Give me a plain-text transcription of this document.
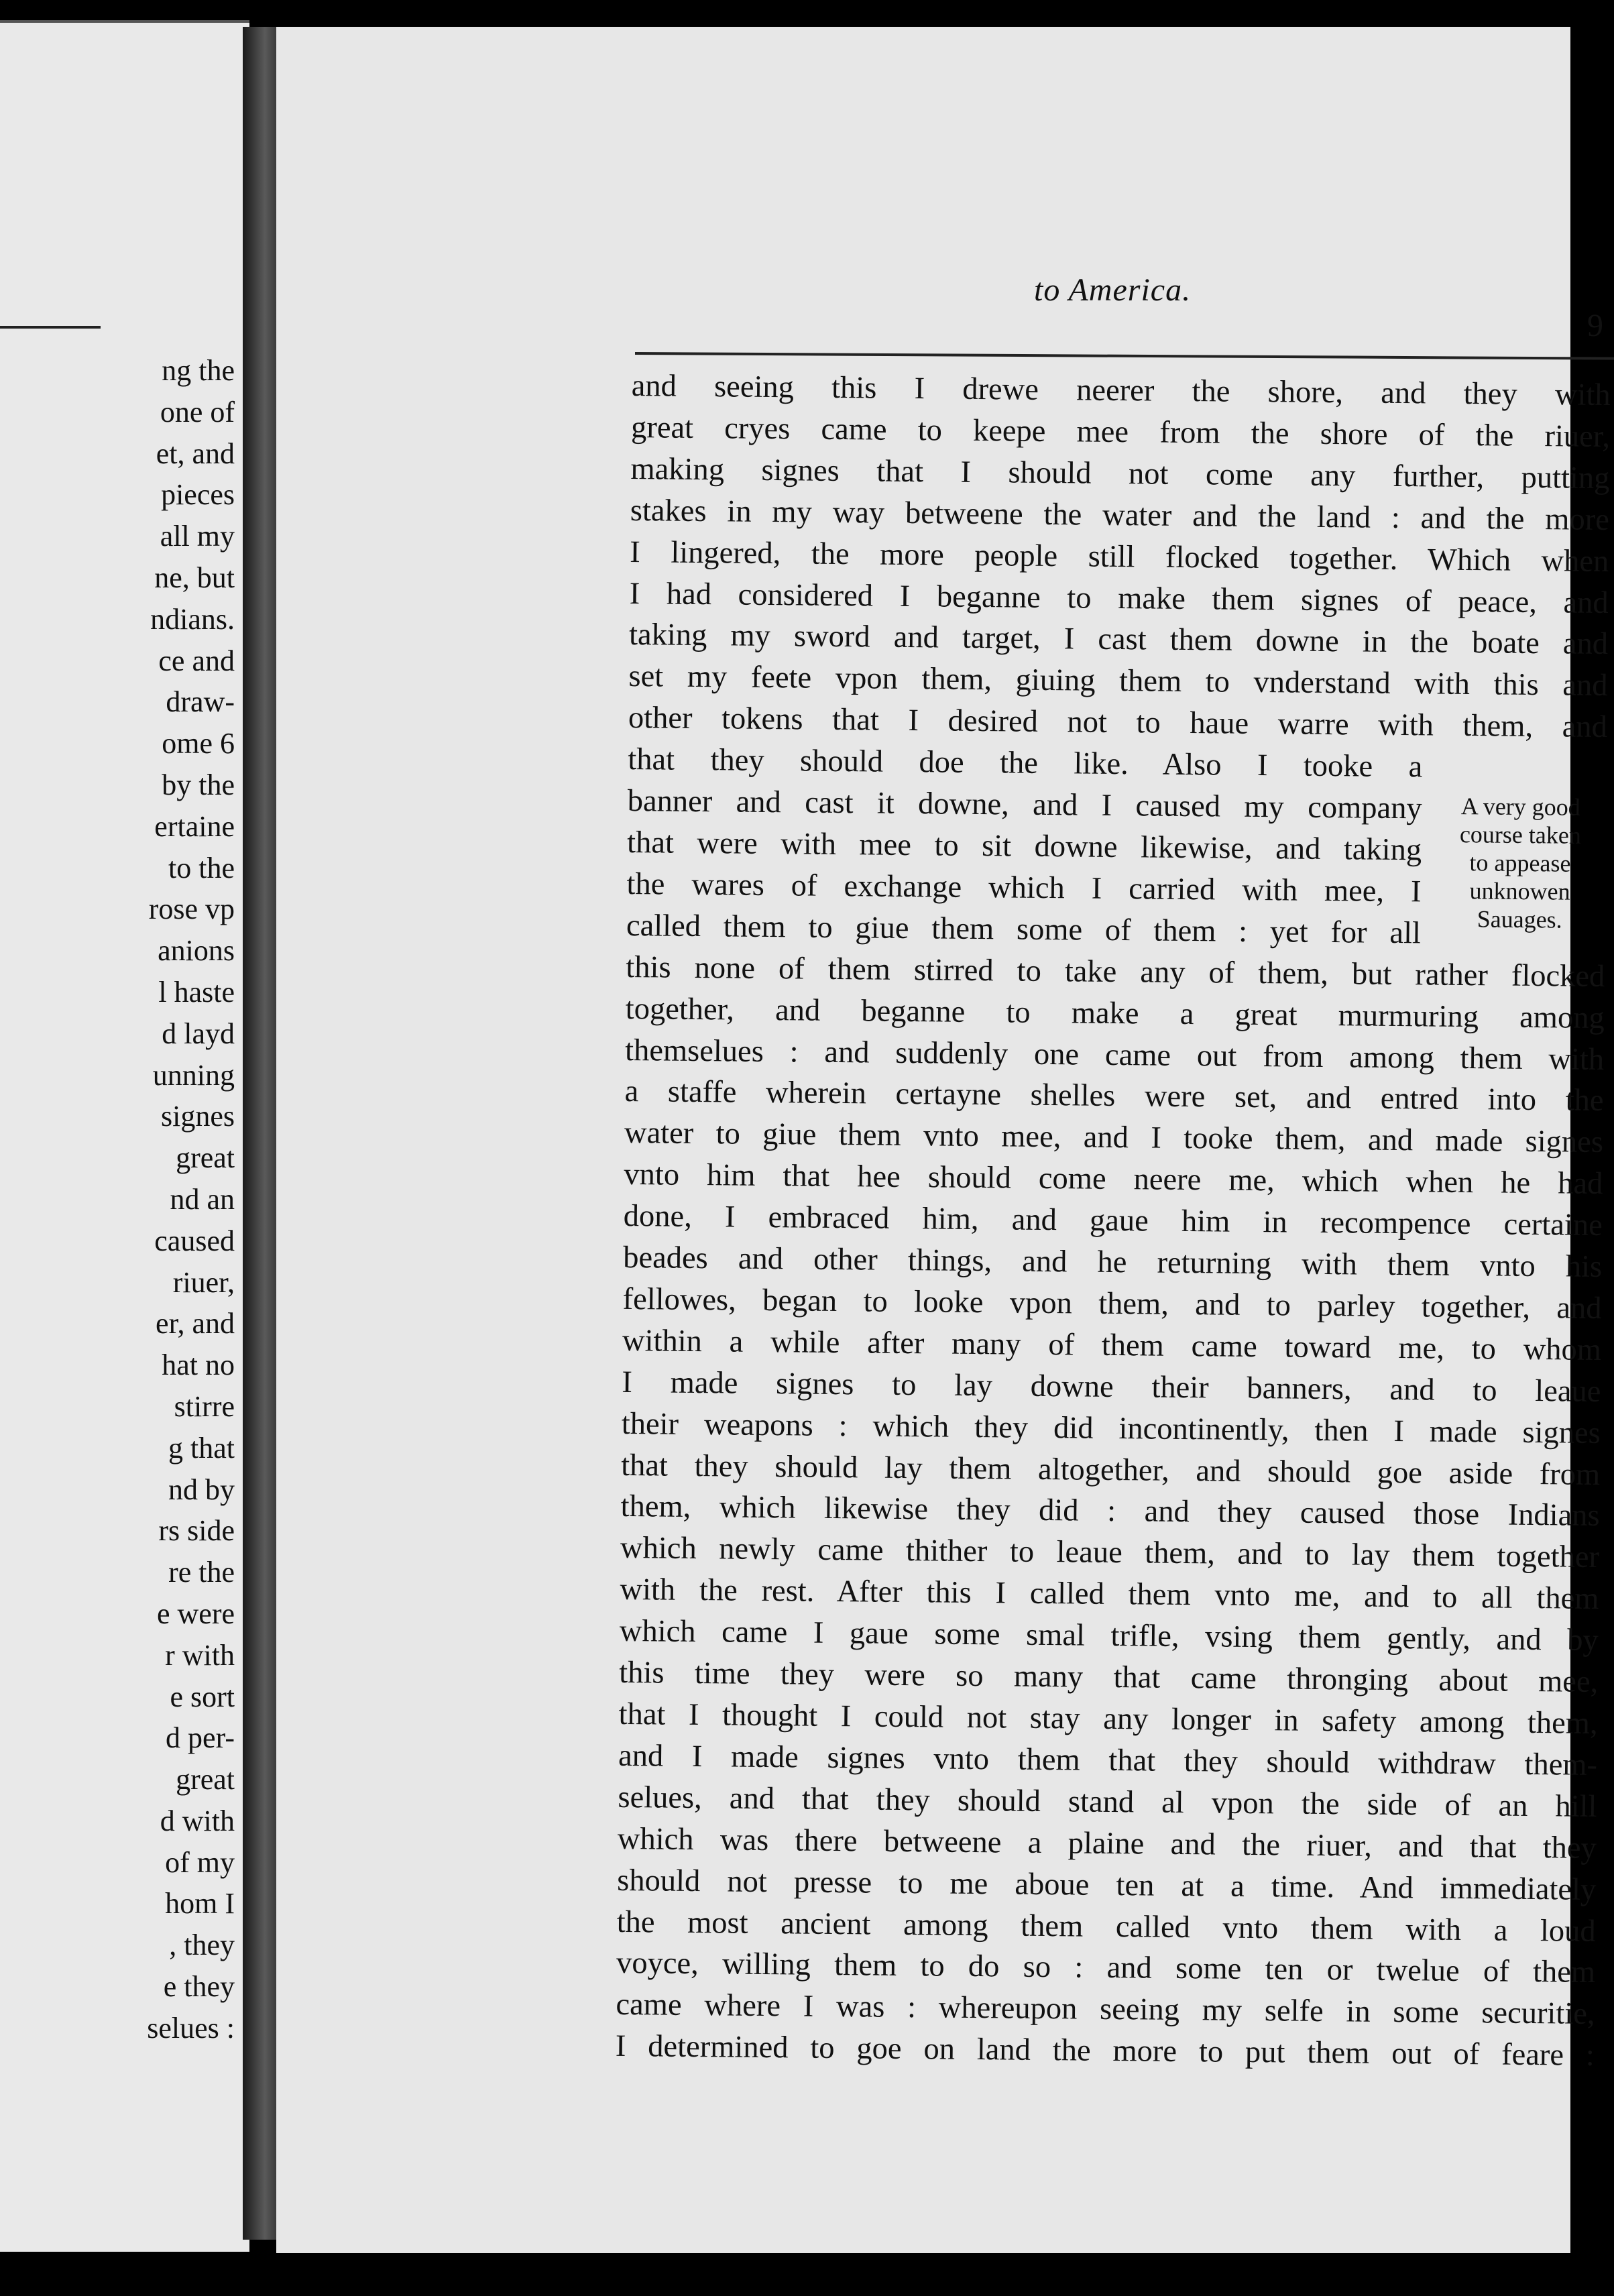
ng the
one of
et, and
pieces
all my
ne, but
ndians.
ce and
draw-
ome 6
by the
ertaine
to the
rose vp
anions
l haste
d layd
unning
signes
great
nd an
caused
riuer,
er, and
hat no
stirre
g that
nd by
rs side
re the
e were
r with
e sort
d per-
great
d with
of my
hom I
, they
e they
selues :
to America.
9
and seeing this I drewe neerer the shore, and they with
great cryes came to keepe mee from the shore of the riuer,
making signes that I should not come any further, putting
stakes in my way betweene the water and the land : and the more
I lingered, the more people still flocked together. Which when
I had considered I beganne to make them signes of peace, and
taking my sword and target, I cast them downe in the boate and
set my feete vpon them, giuing them to vnderstand with this and
other tokens that I desired not to haue warre with them, and
that they should doe the like. Also I tooke a
banner and cast it downe, and I caused my company
that were with mee to sit downe likewise, and taking
the wares of exchange which I carried with mee, I
called them to giue them some of them : yet for all
this none of them stirred to take any of them, but rather flocked
together, and beganne to make a great murmuring among
themselues : and suddenly one came out from among them with
a staffe wherein certayne shelles were set, and entred into the
water to giue them vnto mee, and I tooke them, and made signes
vnto him that hee should come neere me, which when he had
done, I embraced him, and gaue him in recompence certaine
beades and other things, and he returning with them vnto his
fellowes, began to looke vpon them, and to parley together, and
within a while after many of them came toward me, to whom
I made signes to lay downe their banners, and to leaue
their weapons : which they did incontinently, then I made signes
that they should lay them altogether, and should goe aside from
them, which likewise they did : and they caused those Indians
which newly came thither to leaue them, and to lay them together
with the rest. After this I called them vnto me, and to all them
which came I gaue some smal trifle, vsing them gently, and by
this time they were so many that came thronging about mee,
that I thought I could not stay any longer in safety among them,
and I made signes vnto them that they should withdraw them-
selues, and that they should stand al vpon the side of an hill
which was there betweene a plaine and the riuer, and that they
should not presse to me aboue ten at a time. And immediately
the most ancient among them called vnto them with a loud
voyce, willing them to do so : and some ten or twelue of them
came where I was : whereupon seeing my selfe in some securitie,
I determined to goe on land the more to put them out of feare :
A very good
course taken
to appease
unknowen
Sauages.
